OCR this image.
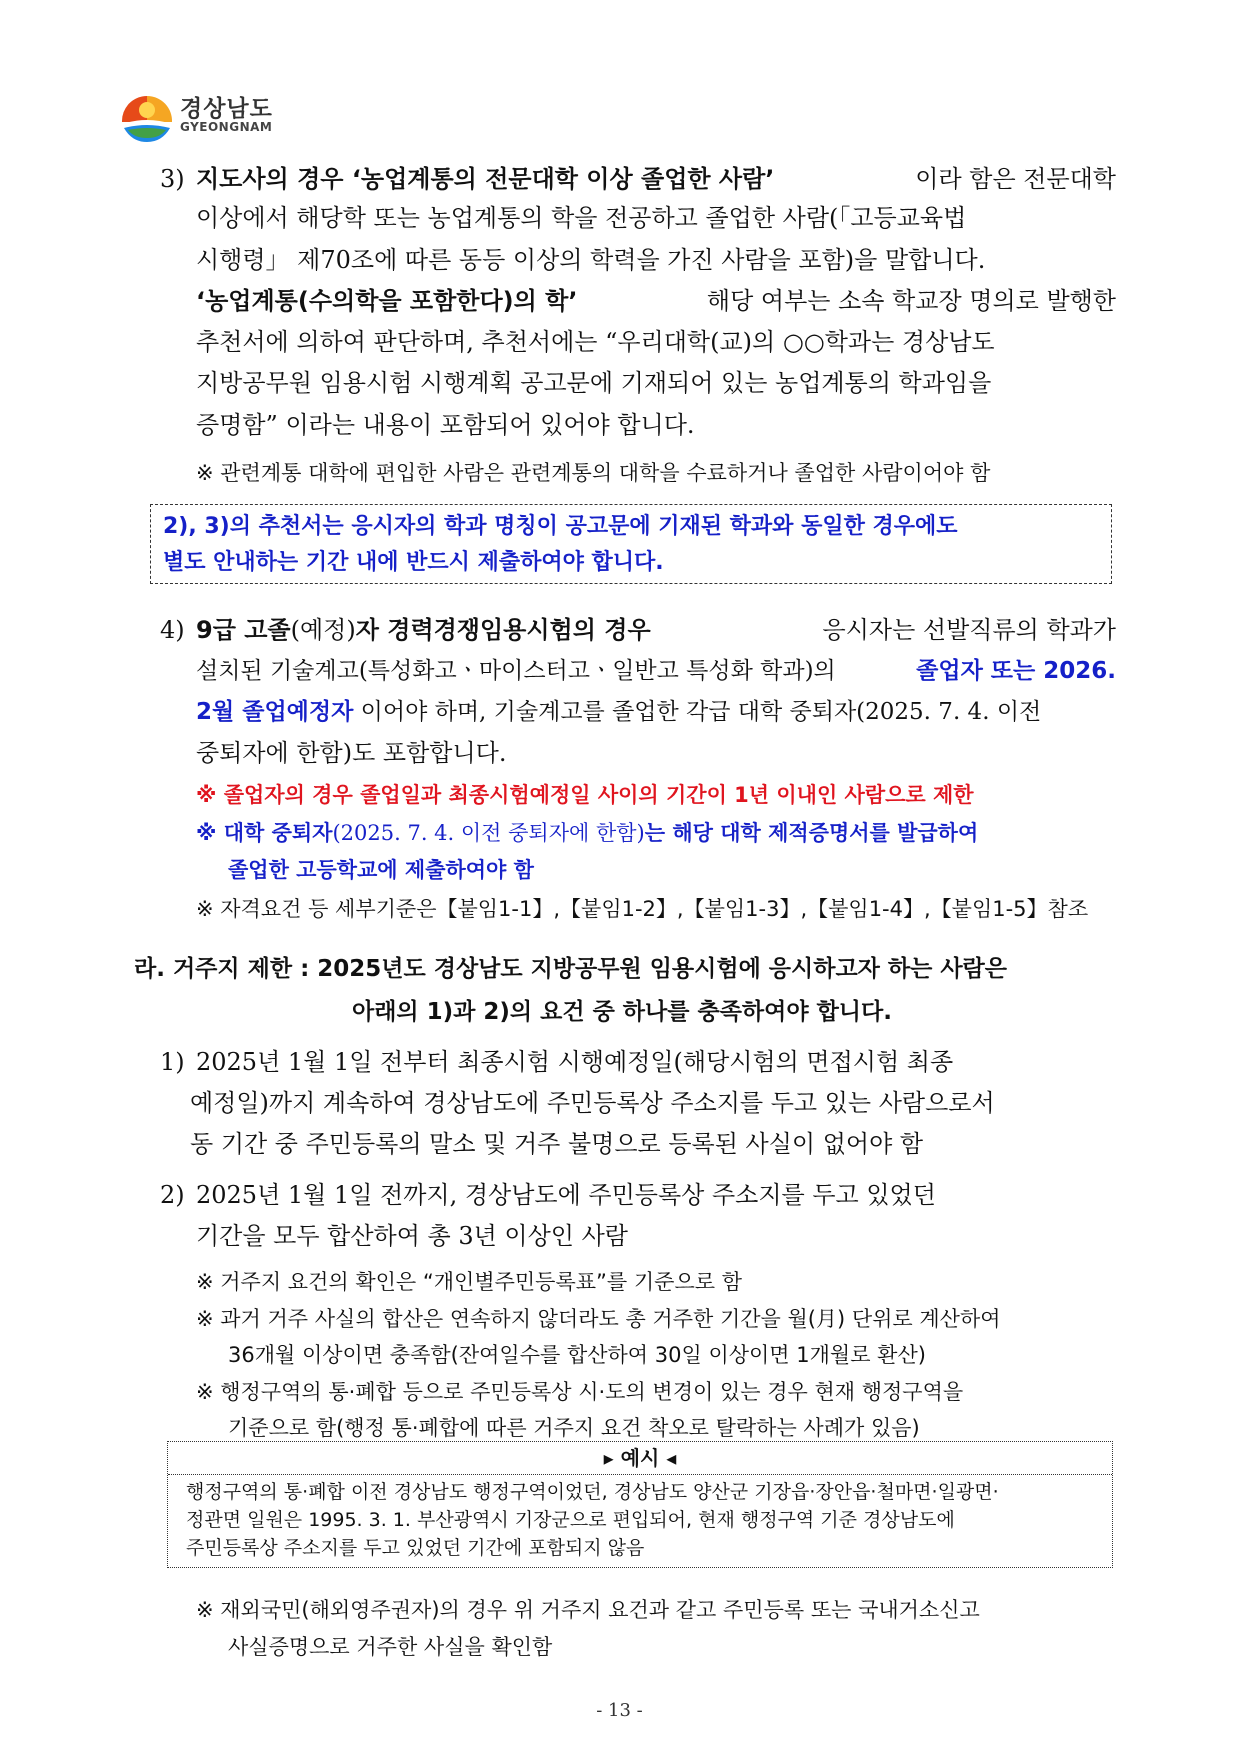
경상남도
GYEONGNAM
3) 지도사의 경우 ‘농업계통의 전문대학 이상 졸업한 사람’	이라 함은 전문대학
이상에서 해당학 또는 농업계통의 학을 전공하고 졸업한 사람(「고등교육법
시행령」 제70조에 따른 동등 이상의 학력을 가진 사람을 포함)을 말합니다.
‘농업계통(수의학을 포함한다)의 학’	해당 여부는 소속 학교장 명의로 발행한
추천서에 의하여 판단하며, 추천서에는 “우리대학(교)의 ○○학과는 경상남도
지방공무원 임용시험 시행계획 공고문에 기재되어 있는 농업계통의 학과임을
증명함” 이라는 내용이 포함되어 있어야 합니다.
※ 관련계통 대학에 편입한 사람은 관련계통의 대학을 수료하거나 졸업한 사람이어야 함
2), 3)의 추천서는 응시자의 학과 명칭이 공고문에 기재된 학과와 동일한 경우에도
별도 안내하는 기간 내에 반드시 제출하여야 합니다.
4) 9급 고졸(예정)자 경력경쟁임용시험의 경우	응시자는 선발직류의 학과가
설치된 기술계고(특성화고ㆍ마이스터고ㆍ일반고 특성화 학과)의	졸업자 또는 2026.
2월 졸업예정자 이어야 하며, 기술계고를 졸업한 각급 대학 중퇴자(2025. 7. 4. 이전
중퇴자에 한함)도 포함합니다.
※ 졸업자의 경우 졸업일과 최종시험예정일 사이의 기간이 1년 이내인 사람으로 제한
※ 대학 중퇴자(2025. 7. 4. 이전 중퇴자에 한함)는 해당 대학 제적증명서를 발급하여
졸업한 고등학교에 제출하여야 함
※ 자격요건 등 세부기준은【붙임1-1】,【붙임1-2】,【붙임1-3】,【붙임1-4】,【붙임1-5】참조
라. 거주지 제한 : 2025년도 경상남도 지방공무원 임용시험에 응시하고자 하는 사람은
아래의 1)과 2)의 요건 중 하나를 충족하여야 합니다.
1) 2025년 1월 1일 전부터 최종시험 시행예정일(해당시험의 면접시험 최종
예정일)까지 계속하여 경상남도에 주민등록상 주소지를 두고 있는 사람으로서
동 기간 중 주민등록의 말소 및 거주 불명으로 등록된 사실이 없어야 함
2) 2025년 1월 1일 전까지, 경상남도에 주민등록상 주소지를 두고 있었던
기간을 모두 합산하여 총 3년 이상인 사람
※ 거주지 요건의 확인은 “개인별주민등록표”를 기준으로 함
※ 과거 거주 사실의 합산은 연속하지 않더라도 총 거주한 기간을 월(月) 단위로 계산하여
36개월 이상이면 충족함(잔여일수를 합산하여 30일 이상이면 1개월로 환산)
※ 행정구역의 통·폐합 등으로 주민등록상 시·도의 변경이 있는 경우 현재 행정구역을
기준으로 함(행정 통·폐합에 따른 거주지 요건 착오로 탈락하는 사례가 있음)
▸ 예시 ◂
행정구역의 통·폐합 이전 경상남도 행정구역이었던, 경상남도 양산군 기장읍·장안읍·철마면·일광면·
정관면 일원은 1995. 3. 1. 부산광역시 기장군으로 편입되어, 현재 행정구역 기준 경상남도에
주민등록상 주소지를 두고 있었던 기간에 포함되지 않음
※ 재외국민(해외영주권자)의 경우 위 거주지 요건과 같고 주민등록 또는 국내거소신고
사실증명으로 거주한 사실을 확인함
- 13 -
